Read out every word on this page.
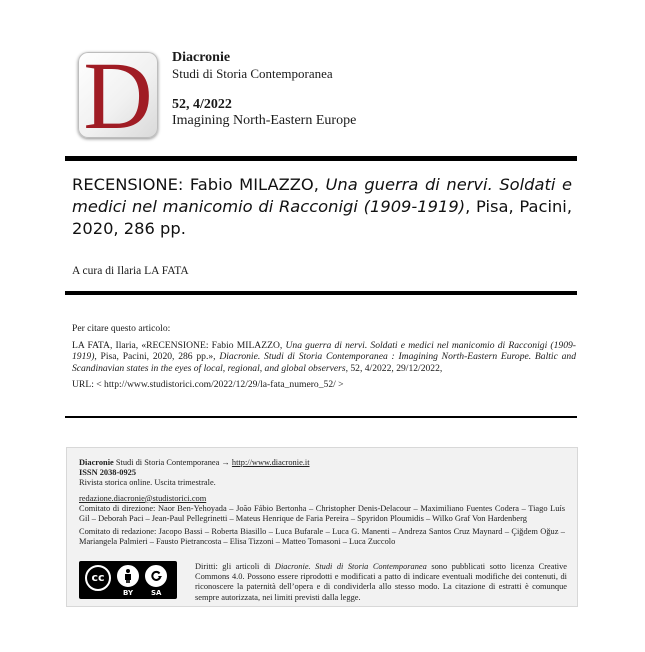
D	Diacronie
Studi di Storia Contemporanea
52, 4/2022
Imagining North-Eastern Europe
RECENSIONE: Fabio MILAZZO, Una guerra di nervi. Soldati e medici nel manicomio di Racconigi (1909-1919), Pisa, Pacini, 2020, 286 pp.
A cura di Ilaria LA FATA
Per citare questo articolo:
LA FATA, Ilaria, «RECENSIONE: Fabio MILAZZO, Una guerra di nervi. Soldati e medici nel manicomio di Racconigi (1909-1919), Pisa, Pacini, 2020, 286 pp.», Diacronie. Studi di Storia Contemporanea : Imagining North-Eastern Europe. Baltic and Scandinavian states in the eyes of local, regional, and global observers, 52, 4/2022, 29/12/2022,
URL: < http://www.studistorici.com/2022/12/29/la-fata_numero_52/ >

Diacronie Studi di Storia Contemporanea → http://www.diacronie.it

ISSN 2038-0925

Rivista storica online. Uscita trimestrale.

redazione.diacronie@studistorici.com

Comitato di direzione: Naor Ben-Yehoyada – João Fábio Bertonha – Christopher Denis-Delacour – Maximiliano Fuentes Codera – Tiago Luís Gil – Deborah Paci – Jean-Paul Pellegrinetti – Mateus Henrique de Faria Pereira – Spyridon Ploumidis – Wilko Graf Von Hardenberg

Comitato di redazione: Jacopo Bassi – Roberta Biasillo – Luca Bufarale – Luca G. Manenti – Andreza Santos Cruz Maynard – Çiğdem Oğuz – Mariangela Palmieri – Fausto Pietrancosta – Elisa Tizzoni – Matteo Tomasoni – Luca Zuccolo

cc
BY	SA
Diritti: gli articoli di Diacronie. Studi di Storia Contemporanea sono pubblicati sotto licenza Creative Commons 4.0. Possono essere riprodotti e modificati a patto di indicare eventuali modifiche dei contenuti, di riconoscere la paternità dell’opera e di condividerla allo stesso modo. La citazione di estratti è comunque sempre autorizzata, nei limiti previsti dalla legge.
